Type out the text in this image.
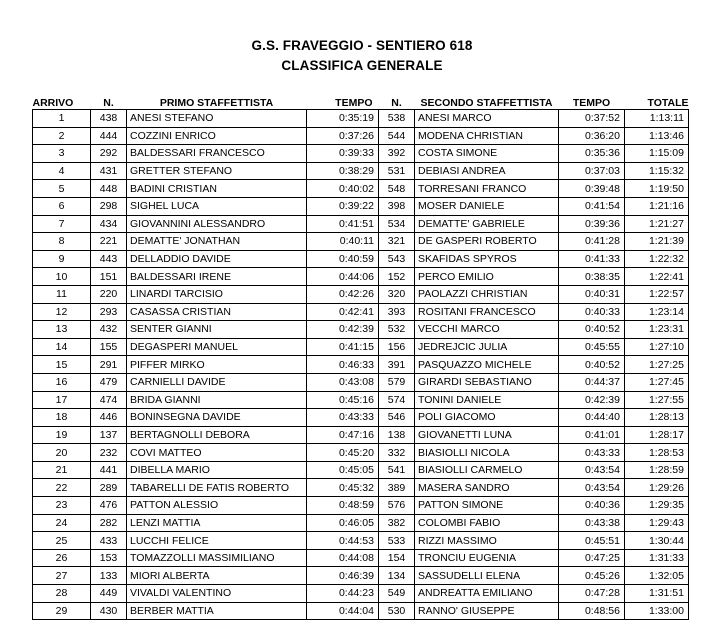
G.S. FRAVEGGIO - SENTIERO 618
CLASSIFICA GENERALE
ARRIVO	N.	PRIMO STAFFETTISTA	TEMPO	N.	SECONDO STAFFETTISTA	TEMPO	TOTALE
1	438	ANESI STEFANO	0:35:19	538	ANESI MARCO	0:37:52	1:13:11
2	444	COZZINI ENRICO	0:37:26	544	MODENA CHRISTIAN	0:36:20	1:13:46
3	292	BALDESSARI FRANCESCO	0:39:33	392	COSTA SIMONE	0:35:36	1:15:09
4	431	GRETTER STEFANO	0:38:29	531	DEBIASI ANDREA	0:37:03	1:15:32
5	448	BADINI CRISTIAN	0:40:02	548	TORRESANI FRANCO	0:39:48	1:19:50
6	298	SIGHEL LUCA	0:39:22	398	MOSER DANIELE	0:41:54	1:21:16
7	434	GIOVANNINI ALESSANDRO	0:41:51	534	DEMATTE' GABRIELE	0:39:36	1:21:27
8	221	DEMATTE' JONATHAN	0:40:11	321	DE GASPERI ROBERTO	0:41:28	1:21:39
9	443	DELLADDIO DAVIDE	0:40:59	543	SKAFIDAS SPYROS	0:41:33	1:22:32
10	151	BALDESSARI IRENE	0:44:06	152	PERCO EMILIO	0:38:35	1:22:41
11	220	LINARDI TARCISIO	0:42:26	320	PAOLAZZI CHRISTIAN	0:40:31	1:22:57
12	293	CASASSA CRISTIAN	0:42:41	393	ROSITANI FRANCESCO	0:40:33	1:23:14
13	432	SENTER GIANNI	0:42:39	532	VECCHI MARCO	0:40:52	1:23:31
14	155	DEGASPERI MANUEL	0:41:15	156	JEDREJCIC JULIA	0:45:55	1:27:10
15	291	PIFFER MIRKO	0:46:33	391	PASQUAZZO MICHELE	0:40:52	1:27:25
16	479	CARNIELLI DAVIDE	0:43:08	579	GIRARDI SEBASTIANO	0:44:37	1:27:45
17	474	BRIDA GIANNI	0:45:16	574	TONINI DANIELE	0:42:39	1:27:55
18	446	BONINSEGNA DAVIDE	0:43:33	546	POLI GIACOMO	0:44:40	1:28:13
19	137	BERTAGNOLLI DEBORA	0:47:16	138	GIOVANETTI LUNA	0:41:01	1:28:17
20	232	COVI MATTEO	0:45:20	332	BIASIOLLI NICOLA	0:43:33	1:28:53
21	441	DIBELLA MARIO	0:45:05	541	BIASIOLLI CARMELO	0:43:54	1:28:59
22	289	TABARELLI DE FATIS ROBERTO	0:45:32	389	MASERA SANDRO	0:43:54	1:29:26
23	476	PATTON ALESSIO	0:48:59	576	PATTON SIMONE	0:40:36	1:29:35
24	282	LENZI MATTIA	0:46:05	382	COLOMBI FABIO	0:43:38	1:29:43
25	433	LUCCHI FELICE	0:44:53	533	RIZZI MASSIMO	0:45:51	1:30:44
26	153	TOMAZZOLLI MASSIMILIANO	0:44:08	154	TRONCIU EUGENIA	0:47:25	1:31:33
27	133	MIORI ALBERTA	0:46:39	134	SASSUDELLI ELENA	0:45:26	1:32:05
28	449	VIVALDI VALENTINO	0:44:23	549	ANDREATTA EMILIANO	0:47:28	1:31:51
29	430	BERBER MATTIA	0:44:04	530	RANNO' GIUSEPPE	0:48:56	1:33:00
